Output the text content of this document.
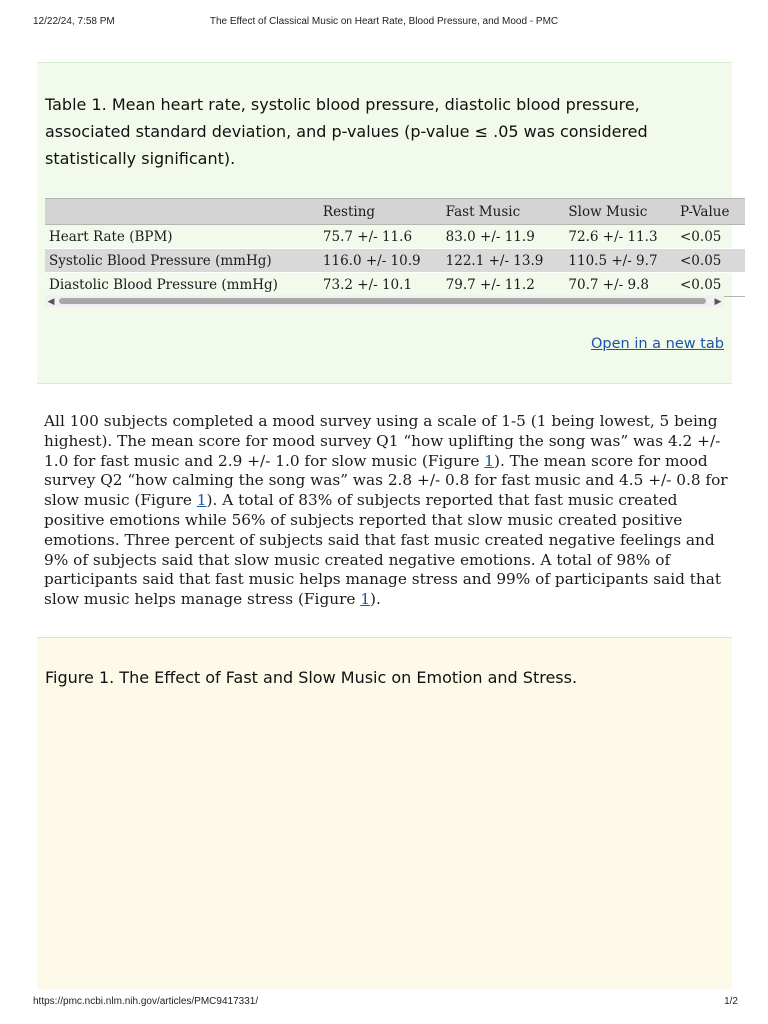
12/22/24, 7:58 PM	The Effect of Classical Music on Heart Rate, Blood Pressure, and Mood - PMC
Table 1. Mean heart rate, systolic blood pressure, diastolic blood pressure, associated standard deviation, and p-values (p-value ≤ .05 was considered statistically significant).
	Resting	Fast Music	Slow Music	P-Value
Heart Rate (BPM)	75.7 +/- 11.6	83.0 +/- 11.9	72.6 +/- 11.3	<0.05
Systolic Blood Pressure (mmHg)	116.0 +/- 10.9	122.1 +/- 13.9	110.5 +/- 9.7	<0.05
Diastolic Blood Pressure (mmHg)	73.2 +/- 10.1	79.7 +/- 11.2	70.7 +/- 9.8	<0.05
◀	▶
Open in a new tab

All 100 subjects completed a mood survey using a scale of 1-5 (1 being lowest, 5 being highest). The mean score for mood survey Q1 “how uplifting the song was” was 4.2 +/- 1.0 for fast music and 2.9 +/- 1.0 for slow music (Figure 1). The mean score for mood survey Q2 “how calming the song was” was 2.8 +/- 0.8 for fast music and 4.5 +/- 0.8 for slow music (Figure 1). A total of 83% of subjects reported that fast music created positive emotions while 56% of subjects reported that slow music created positive emotions. Three percent of subjects said that fast music created negative feelings and 9% of subjects said that slow music created negative emotions. A total of 98% of participants said that fast music helps manage stress and 99% of participants said that slow music helps manage stress (Figure 1).

Figure 1. The Effect of Fast and Slow Music on Emotion and Stress.
https://pmc.ncbi.nlm.nih.gov/articles/PMC9417331/	1/2
